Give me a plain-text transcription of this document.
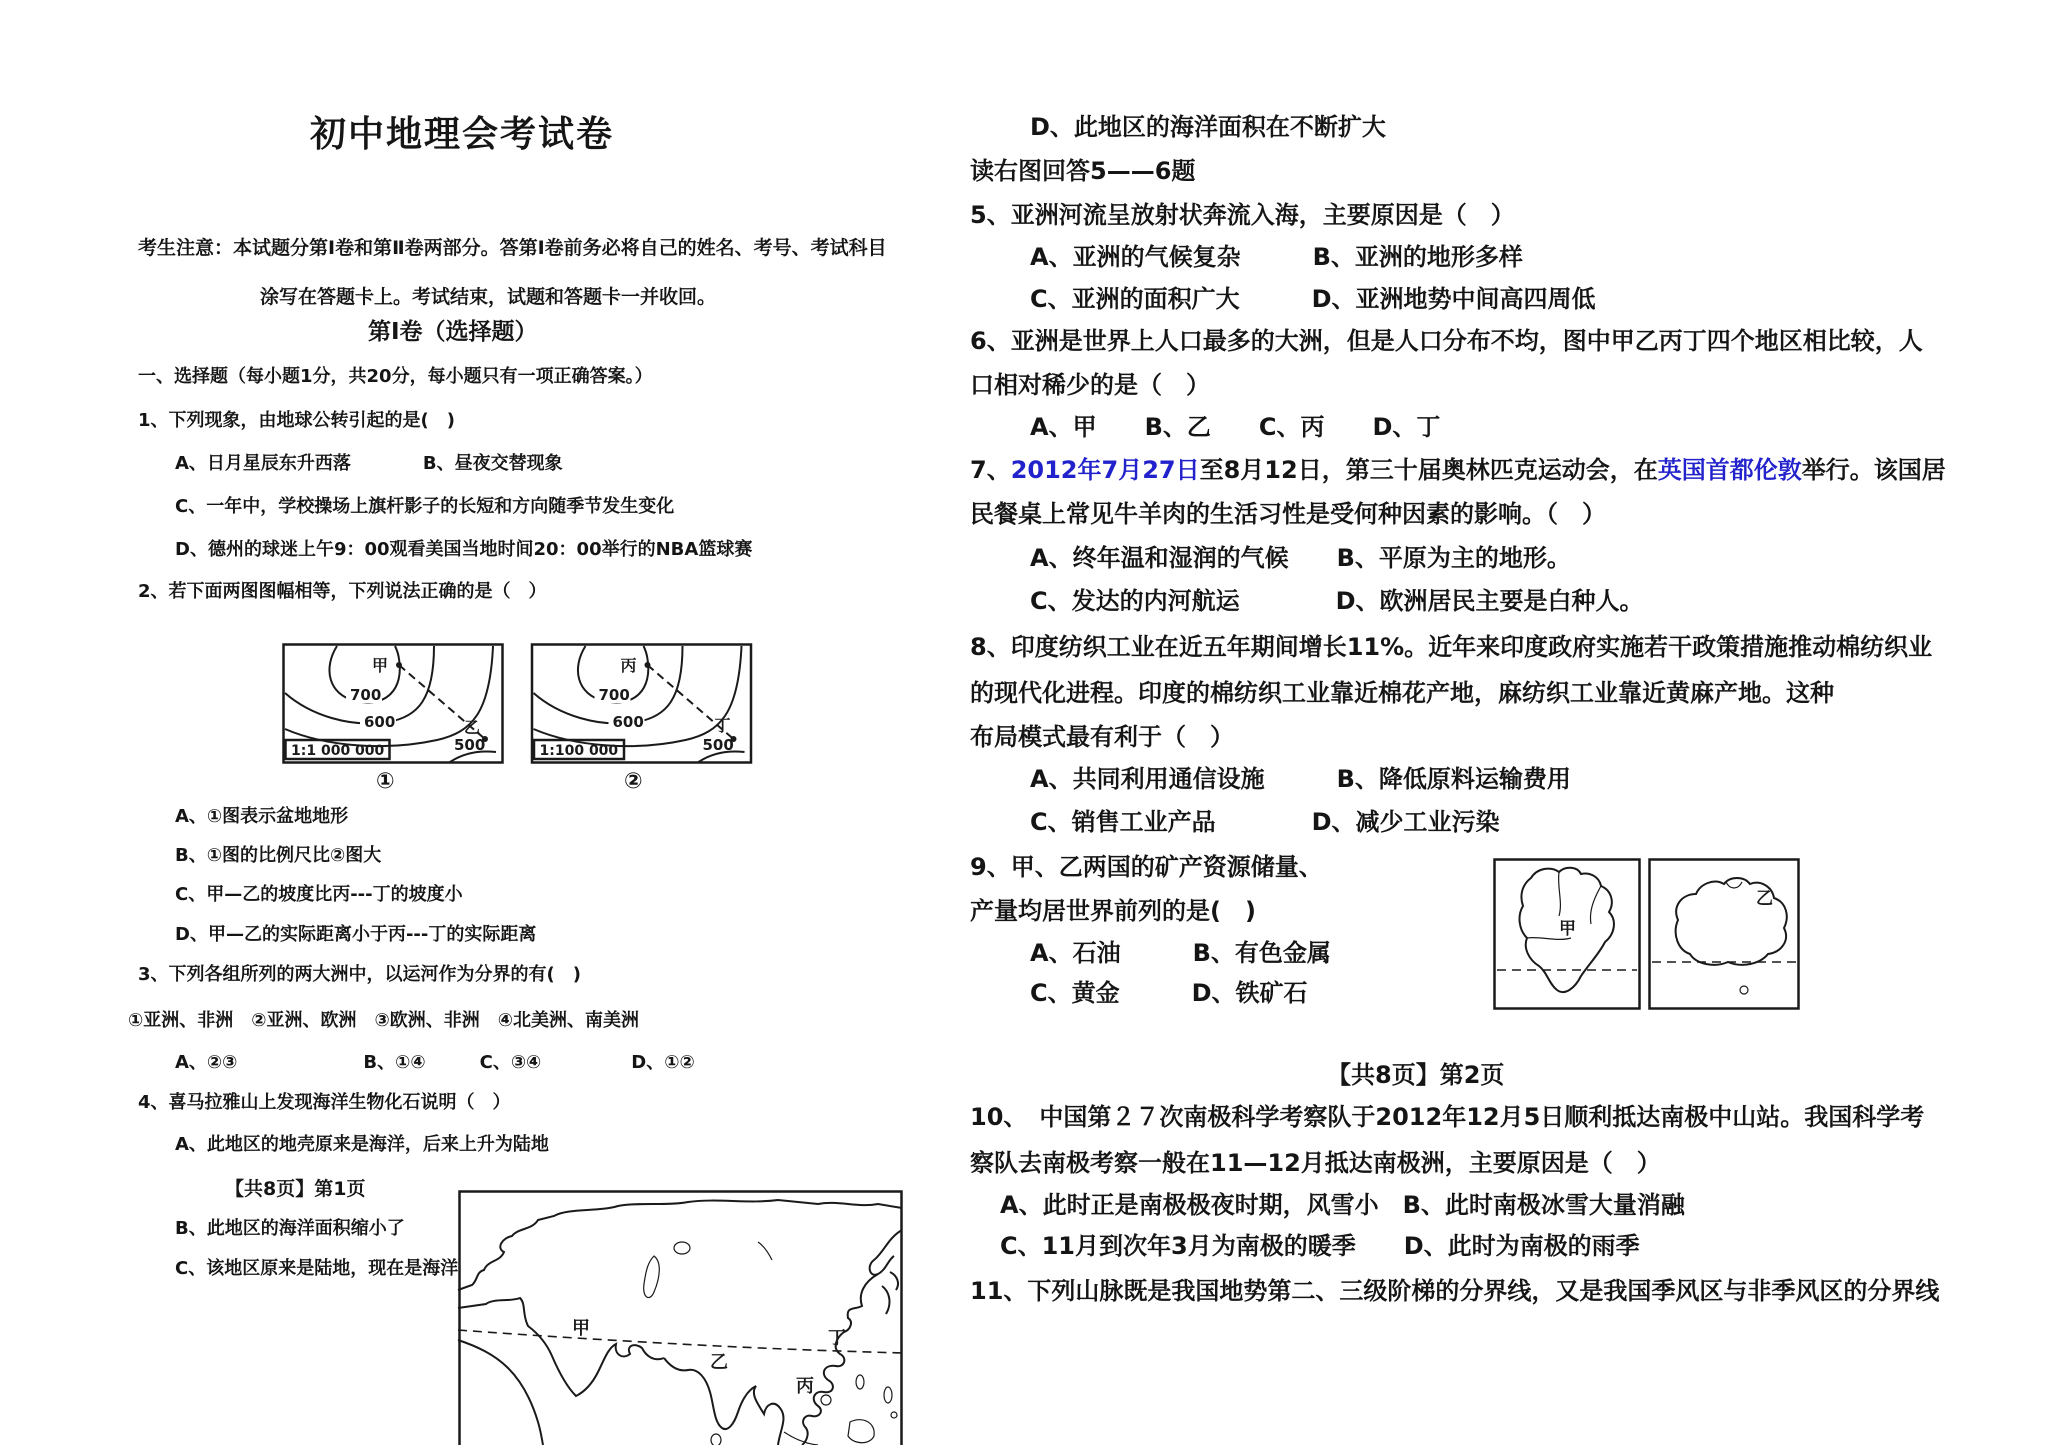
初中地理会考试卷
考生注意：本试题分第Ⅰ卷和第Ⅱ卷两部分。答第Ⅰ卷前务必将自己的姓名、考号、考试科目
涂写在答题卡上。考试结束，试题和答题卡一并收回。
第Ⅰ卷（选择题）
一、选择题（每小题1分，共20分，每小题只有一项正确答案。）
1、下列现象，由地球公转引起的是(　)
A、日月星辰东升西落　　　　B、昼夜交替现象
C、一年中，学校操场上旗杆影子的长短和方向随季节发生变化
D、德州的球迷上午9：00观看美国当地时间20：00举行的NBA篮球赛
2、若下面两图图幅相等，下列说法正确的是（　）
700
600
500
甲
乙
1:1 000 000
700
600
500
丙
丁
1:100 000
①	②
A、①图表示盆地地形
B、①图的比例尺比②图大
C、甲—乙的坡度比丙---丁的坡度小
D、甲—乙的实际距离小于丙---丁的实际距离
3、下列各组所列的两大洲中，以运河作为分界的有(　)
①亚洲、非洲　②亚洲、欧洲　③欧洲、非洲　④北美洲、南美洲
A、②③　　　　　　　B、①④　　　C、③④　　　　　D、①②
4、喜马拉雅山上发现海洋生物化石说明（　）
A、此地区的地壳原来是海洋，后来上升为陆地
【共8页】第1页
B、此地区的海洋面积缩小了
C、该地区原来是陆地，现在是海洋
甲
乙
丙
丁
D、此地区的海洋面积在不断扩大
读右图回答5——6题
5、亚洲河流呈放射状奔流入海，主要原因是（　）
A、亚洲的气候复杂　　　B、亚洲的地形多样
C、亚洲的面积广大　　　D、亚洲地势中间高四周低
6、亚洲是世界上人口最多的大洲，但是人口分布不均，图中甲乙丙丁四个地区相比较，人
口相对稀少的是（　）
A、甲　　B、乙　　C、丙　　D、丁
7、2012年7月27日至8月12日，第三十届奥林匹克运动会，在英国首都伦敦举行。该国居
民餐桌上常见牛羊肉的生活习性是受何种因素的影响。（　）
A、终年温和湿润的气候　　B、平原为主的地形。
C、发达的内河航运　　　　D、欧洲居民主要是白种人。
8、印度纺织工业在近五年期间增长11%。近年来印度政府实施若干政策措施推动棉纺织业
的现代化进程。印度的棉纺织工业靠近棉花产地，麻纺织工业靠近黄麻产地。这种
布局模式最有利于（　）
A、共同利用通信设施　　　B、降低原料运输费用
C、销售工业产品　　　　D、减少工业污染
9、甲、乙两国的矿产资源储量、
产量均居世界前列的是(　)
A、石油　　　B、有色金属
C、黄金　　　D、铁矿石
甲
乙
【共8页】第2页
10、　中国第２７次南极科学考察队于2012年12月5日顺利抵达南极中山站。我国科学考
察队去南极考察一般在11—12月抵达南极洲，主要原因是（　）
A、此时正是南极极夜时期，风雪小　B、此时南极冰雪大量消融
C、11月到次年3月为南极的暖季　　D、此时为南极的雨季
11、下列山脉既是我国地势第二、三级阶梯的分界线，又是我国季风区与非季风区的分界线
